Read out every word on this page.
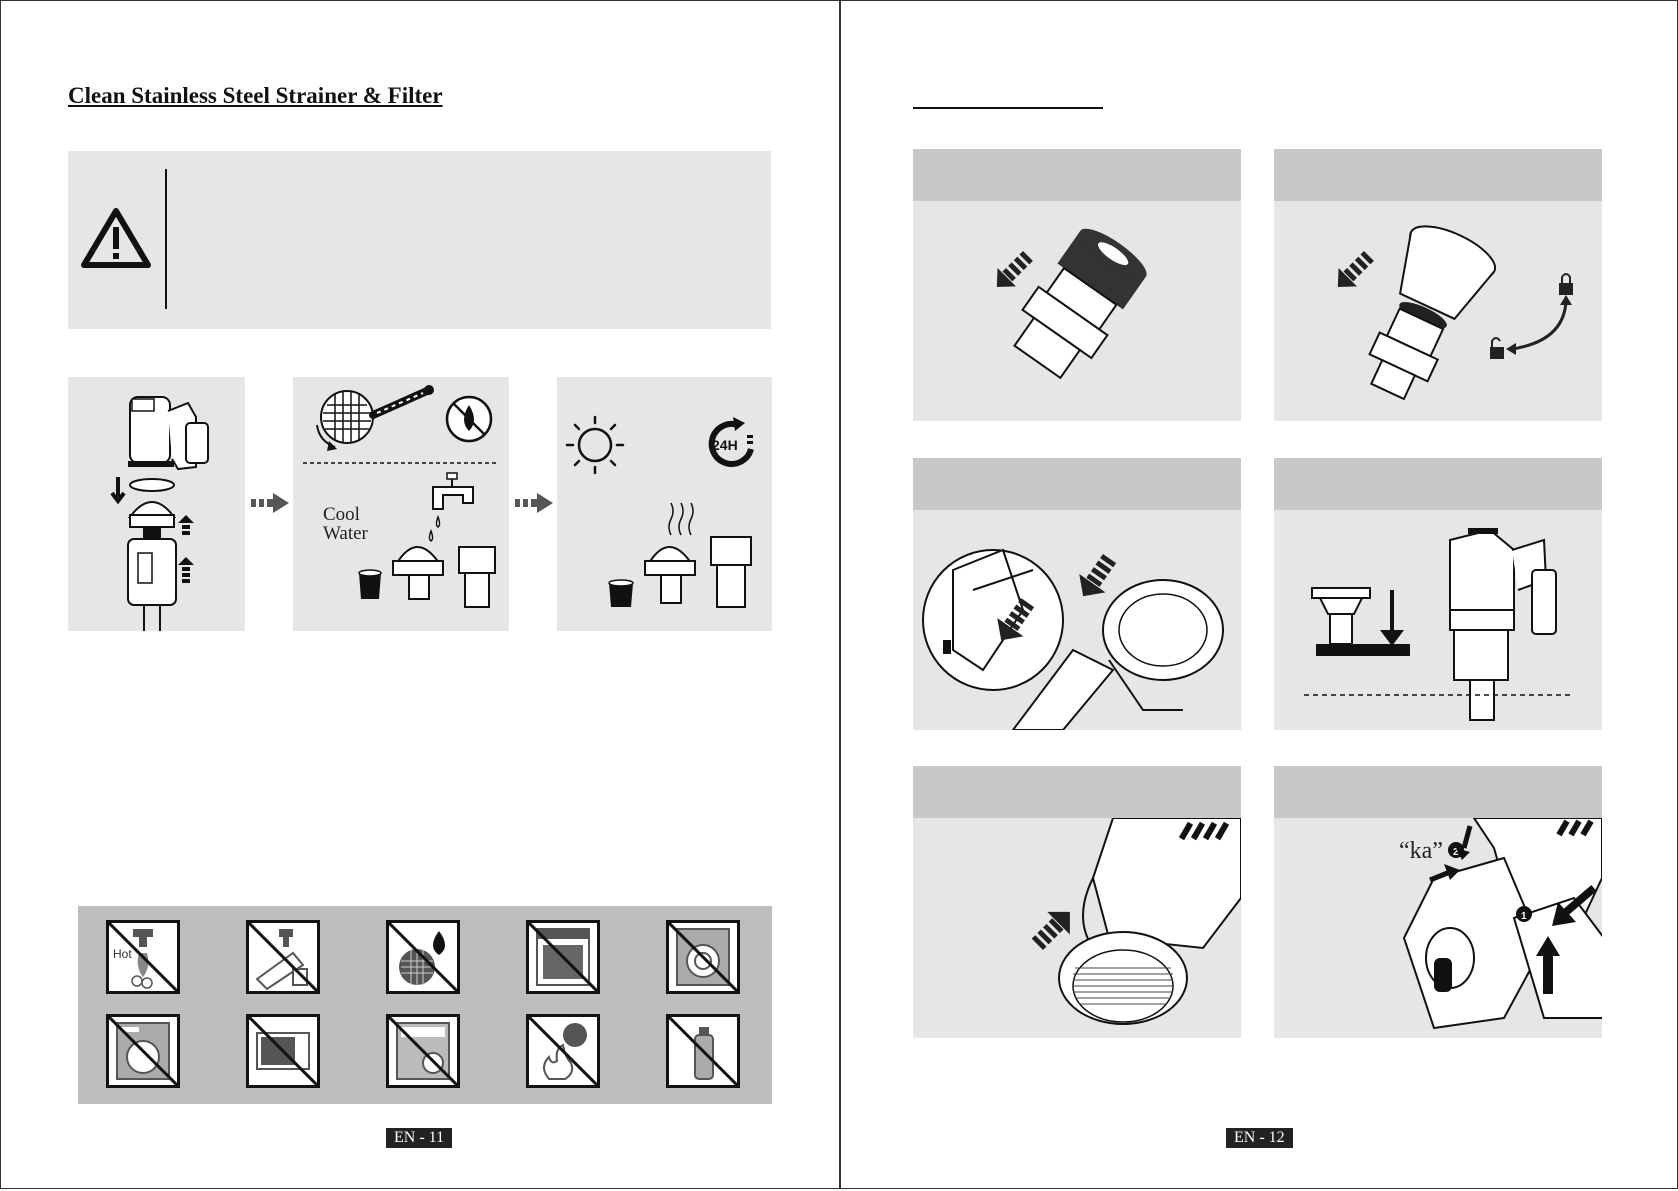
Clean Stainless Steel Strainer & Filter
Cool
Water
24H
Hot
EN - 11
1
2
“ka”
EN - 12
